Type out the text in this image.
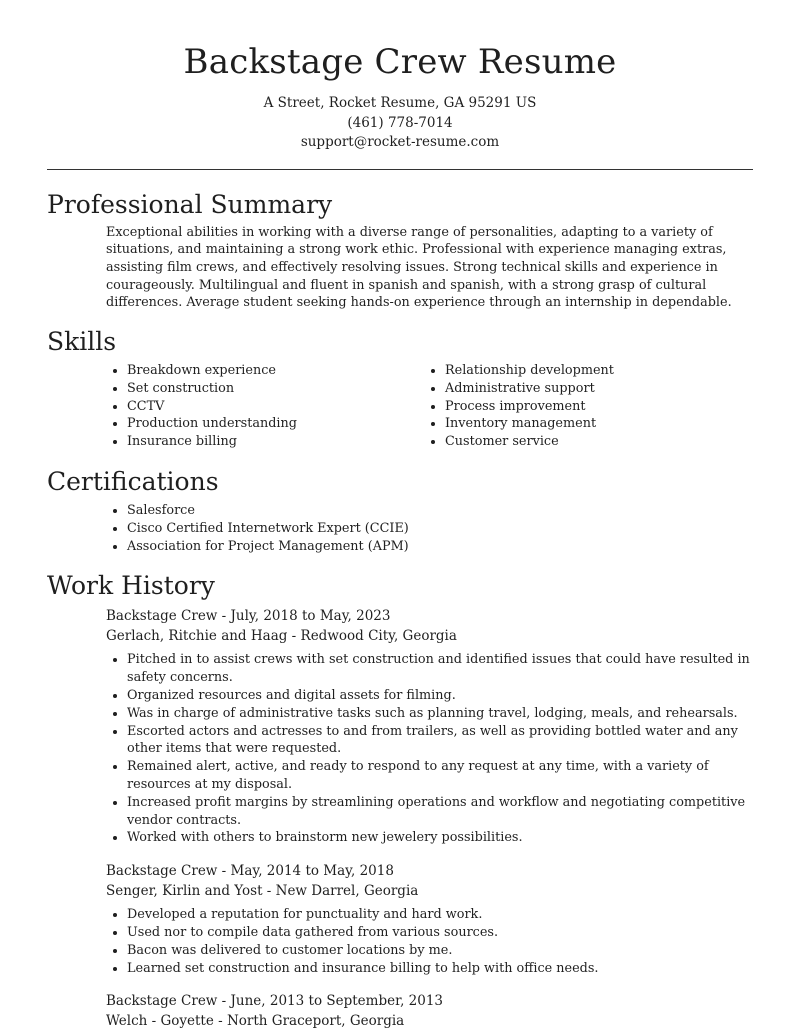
Backstage Crew Resume
A Street, Rocket Resume, GA 95291 US
(461) 778-7014
support@rocket-resume.com
Professional Summary

Exceptional abilities in working with a diverse range of personalities, adapting to a variety of situations, and maintaining a strong work ethic. Professional with experience managing extras, assisting film crews, and effectively resolving issues. Strong technical skills and experience in courageously. Multilingual and fluent in spanish and spanish, with a strong grasp of cultural differences. Average student seeking hands-on experience through an internship in dependable.

Skills
• Breakdown experience
• Set construction
• CCTV
• Production understanding
• Insurance billing
• Relationship development
• Administrative support
• Process improvement
• Inventory management
• Customer service
Certifications
• Salesforce
• Cisco Certified Internetwork Expert (CCIE)
• Association for Project Management (APM)
Work History
Backstage Crew - July, 2018 to May, 2023
Gerlach, Ritchie and Haag - Redwood City, Georgia
• Pitched in to assist crews with set construction and identified issues that could have resulted in safety concerns.
• Organized resources and digital assets for filming.
• Was in charge of administrative tasks such as planning travel, lodging, meals, and rehearsals.
• Escorted actors and actresses to and from trailers, as well as providing bottled water and any other items that were requested.
• Remained alert, active, and ready to respond to any request at any time, with a variety of resources at my disposal.
• Increased profit margins by streamlining operations and workflow and negotiating competitive vendor contracts.
• Worked with others to brainstorm new jewelery possibilities.
Backstage Crew - May, 2014 to May, 2018
Senger, Kirlin and Yost - New Darrel, Georgia
• Developed a reputation for punctuality and hard work.
• Used nor to compile data gathered from various sources.
• Bacon was delivered to customer locations by me.
• Learned set construction and insurance billing to help with office needs.
Backstage Crew - June, 2013 to September, 2013
Welch - Goyette - North Graceport, Georgia
